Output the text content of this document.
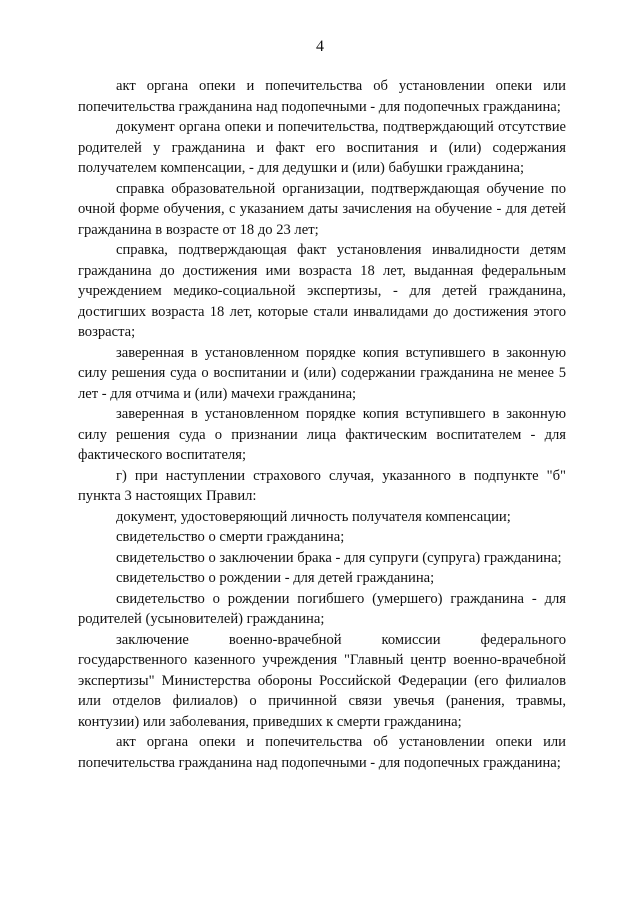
4

акт органа опеки и попечительства об установлении опеки или попечительства гражданина над подопечными - для подопечных гражданина;

документ органа опеки и попечительства, подтверждающий отсутствие родителей у гражданина и факт его воспитания и (или) содержания получателем компенсации, - для дедушки и (или) бабушки гражданина;

справка образовательной организации, подтверждающая обучение по очной форме обучения, с указанием даты зачисления на обучение - для детей гражданина в возрасте от 18 до 23 лет;

справка, подтверждающая факт установления инвалидности детям гражданина до достижения ими возраста 18 лет, выданная федеральным учреждением медико-социальной экспертизы, - для детей гражданина, достигших возраста 18 лет, которые стали инвалидами до достижения этого возраста;

заверенная в установленном порядке копия вступившего в законную силу решения суда о воспитании и (или) содержании гражданина не менее 5 лет - для отчима и (или) мачехи гражданина;

заверенная в установленном порядке копия вступившего в законную силу решения суда о признании лица фактическим воспитателем - для фактического воспитателя;

г) при наступлении страхового случая, указанного в подпункте "б" пункта 3 настоящих Правил:

документ, удостоверяющий личность получателя компенсации;

свидетельство о смерти гражданина;

свидетельство о заключении брака - для супруги (супруга) гражданина;

свидетельство о рождении - для детей гражданина;

свидетельство о рождении погибшего (умершего) гражданина - для родителей (усыновителей) гражданина;

заключение военно-врачебной комиссии федерального государственного казенного учреждения "Главный центр военно-врачебной экспертизы" Министерства обороны Российской Федерации (его филиалов или отделов филиалов) о причинной связи увечья (ранения, травмы, контузии) или заболевания, приведших к смерти гражданина;

акт органа опеки и попечительства об установлении опеки или попечительства гражданина над подопечными - для подопечных гражданина;
